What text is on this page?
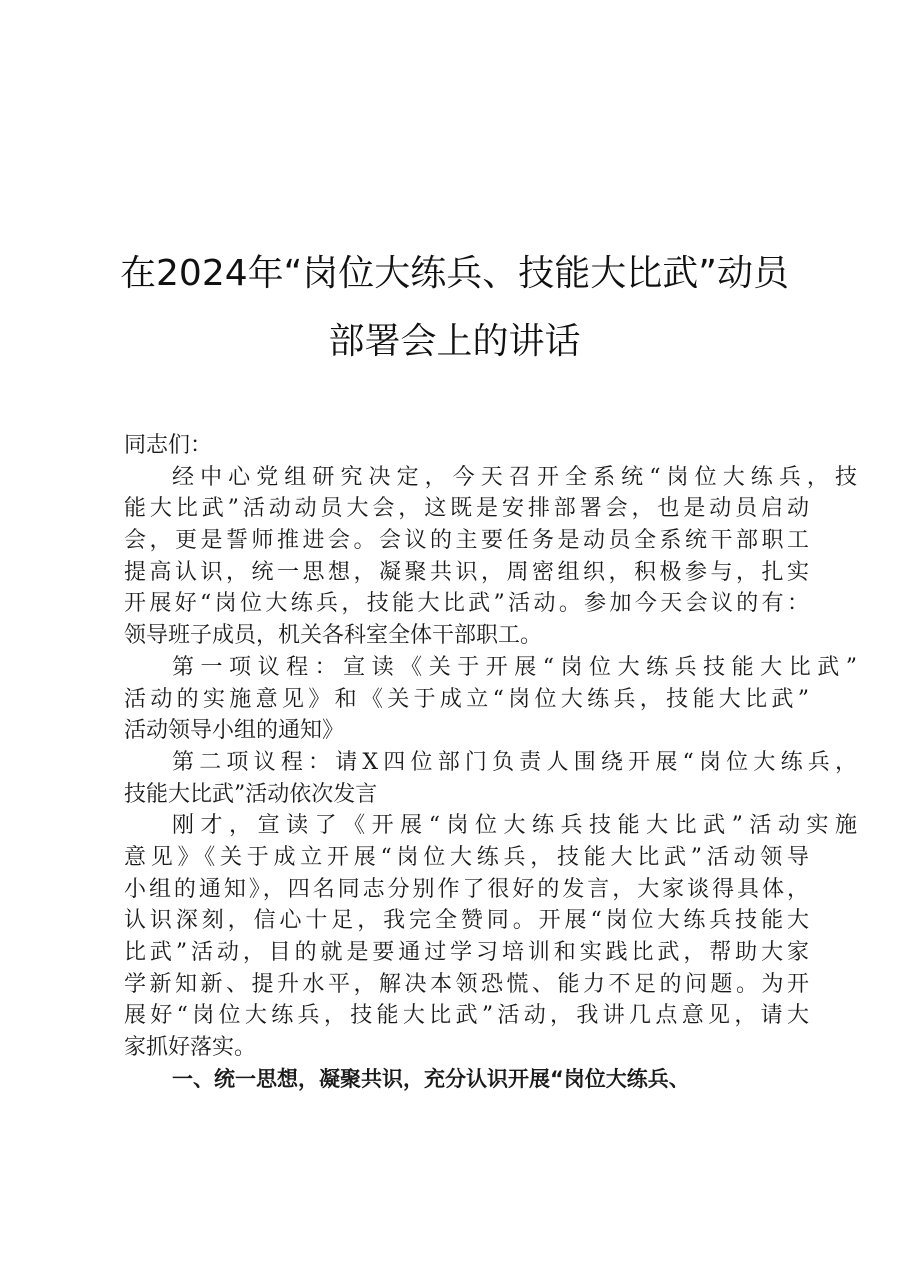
在2024年“岗位大练兵、技能大比武”动员
部署会上的讲话
同志们：
经中心党组研究决定，今天召开全系统“岗位大练兵，技
能大比武”活动动员大会，这既是安排部署会，也是动员启动
会，更是誓师推进会。会议的主要任务是动员全系统干部职工
提高认识，统一思想，凝聚共识，周密组织，积极参与，扎实
开展好“岗位大练兵，技能大比武”活动。参加今天会议的有：
领导班子成员，机关各科室全体干部职工。
第一项议程：宣读《关于开展“岗位大练兵技能大比武”
活动的实施意见》和《关于成立“岗位大练兵，技能大比武”
活动领导小组的通知》
第二项议程：请X四位部门负责人围绕开展“岗位大练兵，
技能大比武”活动依次发言
刚才，宣读了《开展“岗位大练兵技能大比武”活动实施
意见》《关于成立开展“岗位大练兵，技能大比武”活动领导
小组的通知》，四名同志分别作了很好的发言，大家谈得具体，
认识深刻，信心十足，我完全赞同。开展“岗位大练兵技能大
比武”活动，目的就是要通过学习培训和实践比武，帮助大家
学新知新、提升水平，解决本领恐慌、能力不足的问题。为开
展好“岗位大练兵，技能大比武”活动，我讲几点意见，请大
家抓好落实。
一、统一思想，凝聚共识，充分认识开展“岗位大练兵、
